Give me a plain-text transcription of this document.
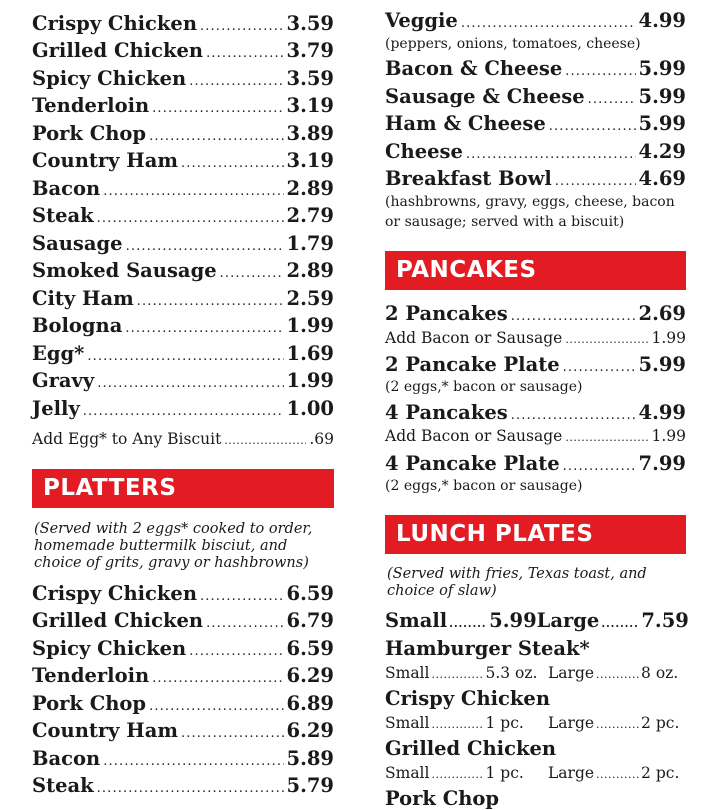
Crispy Chicken . . .	3.59
Grilled Chicken . . .	3.79
Spicy Chicken . . .	3.59
Tenderloin . . .	3.19
Pork Chop . . .	3.89
Country Ham . . .	3.19
Bacon . . .	2.89
Steak . . .	2.79
Sausage . . .	1.79
Smoked Sausage . . .	2.89
City Ham . . .	2.59
Bologna . . .	1.99
Egg* . . .	1.69
Gravy . . .	1.99
Jelly . . .	1.00
Add Egg* to Any Biscuit . . .	.69
PLATTERS
(Served with 2 eggs* cooked to order, homemade buttermilk bisciut, and choice of grits, gravy or hashbrowns)
Crispy Chicken . . .	6.59
Grilled Chicken . . .	6.79
Spicy Chicken . . .	6.59
Tenderloin . . .	6.29
Pork Chop . . .	6.89
Country Ham . . .	6.29
Bacon . . .	5.89
Steak . . .	5.79
Veggie . . .	4.99
(peppers, onions, tomatoes, cheese)
Bacon & Cheese . . .	5.99
Sausage & Cheese . . .	5.99
Ham & Cheese . . .	5.99
Cheese . . .	4.29
Breakfast Bowl . . .	4.69
(hashbrowns, gravy, eggs, cheese, bacon or sausage; served with a biscuit)
PANCAKES
2 Pancakes . . .	2.69
Add Bacon or Sausage . . .	1.99
2 Pancake Plate . . .	5.99
(2 eggs,* bacon or sausage)
4 Pancakes . . .	4.99
Add Bacon or Sausage . . .	1.99
4 Pancake Plate . . .	7.99
(2 eggs,* bacon or sausage)
LUNCH PLATES
(Served with fries, Texas toast, and choice of slaw)
Small . . . 5.99 Large . . . 7.59
Hamburger Steak*
Small . . .	5.3 oz. Large . . .	8 oz.
Crispy Chicken
Small . . .	1 pc. Large . . .	2 pc.
Grilled Chicken
Small . . .	1 pc. Large . . .	2 pc.
Pork Chop
